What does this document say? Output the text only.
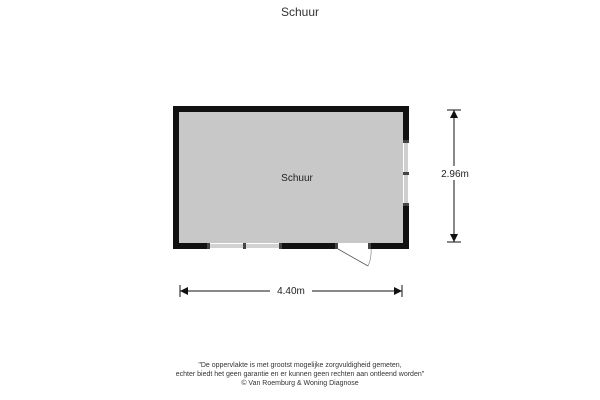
Schuur
Schuur	2.96m
4.40m
"De oppervlakte is met grootst mogelijke zorgvuldigheid gemeten,
echter biedt het geen garantie en er kunnen geen rechten aan ontleend worden"
© Van Roemburg & Woning Diagnose
